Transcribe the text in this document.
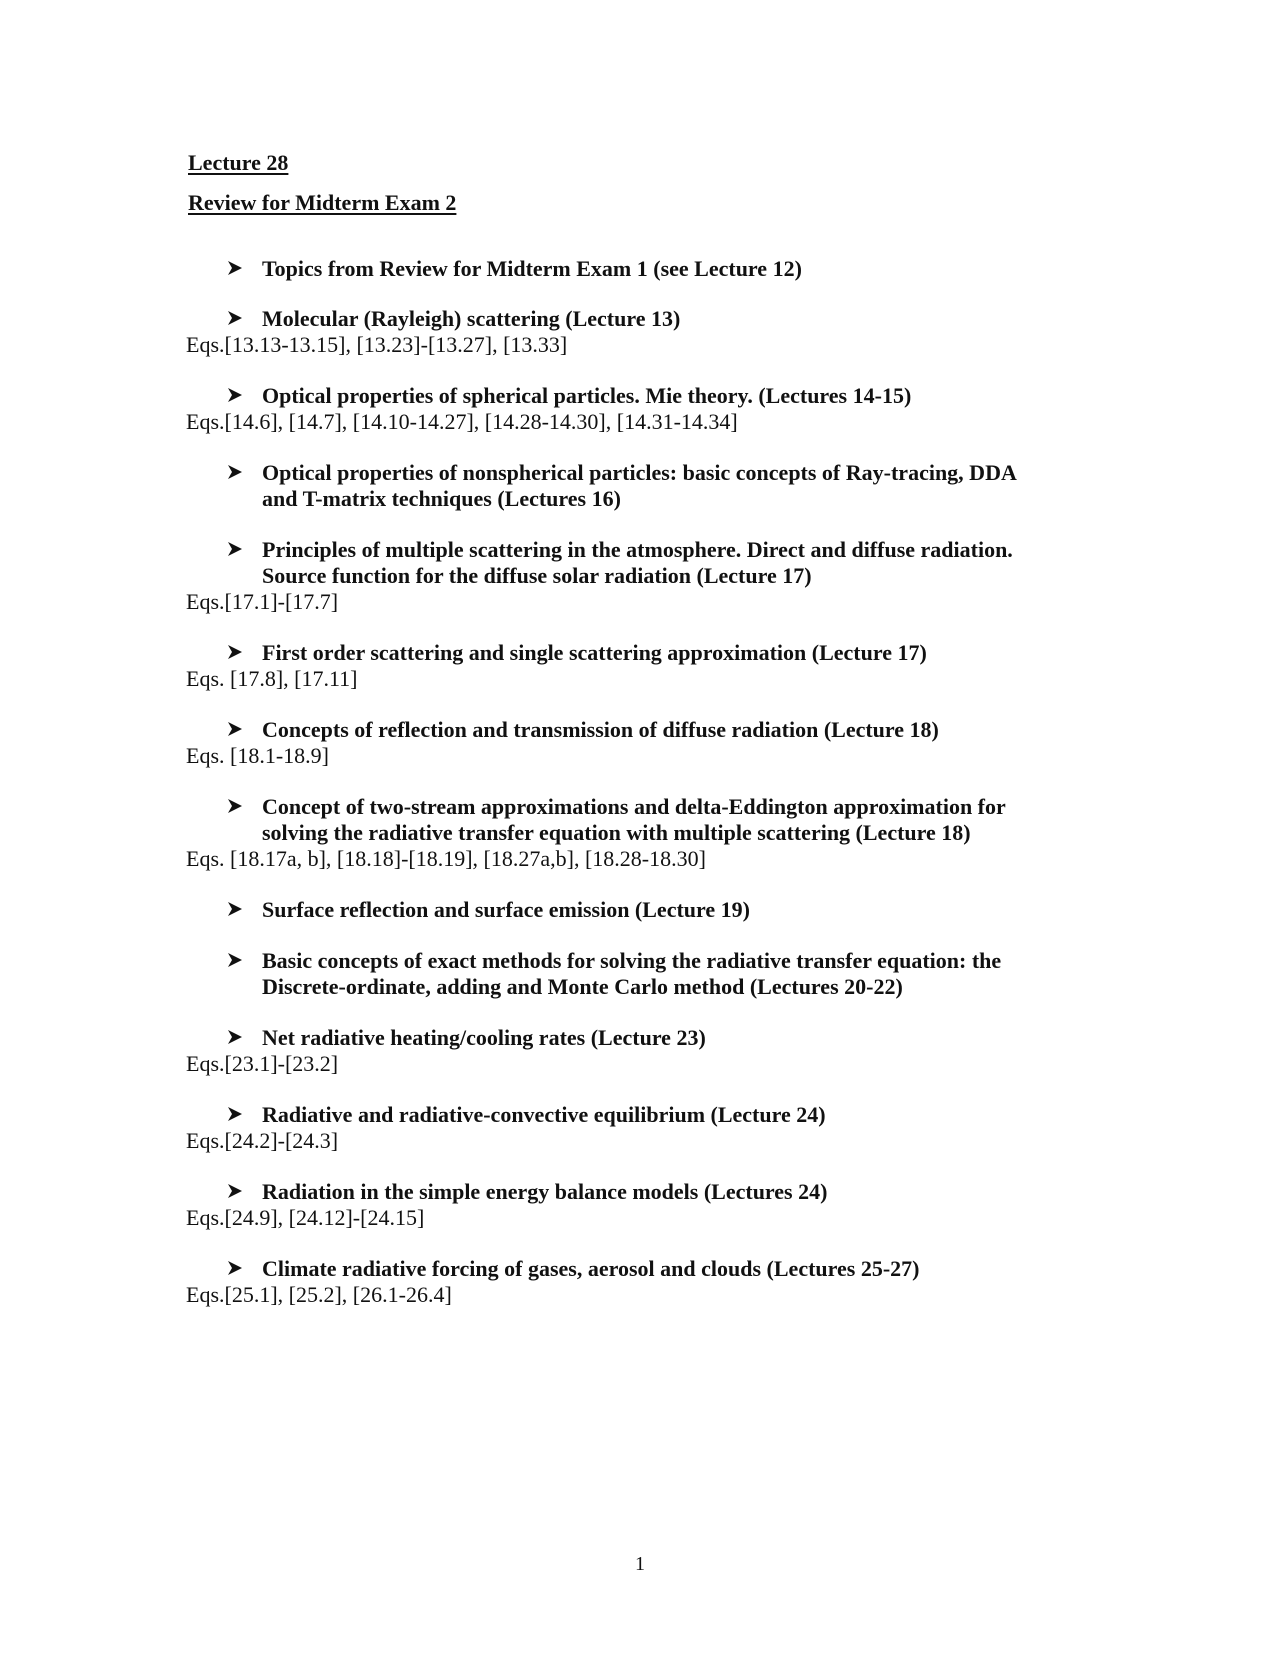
Lecture 28
Review for Midterm Exam 2
Topics from Review for Midterm Exam 1 (see Lecture 12)
Molecular (Rayleigh) scattering (Lecture 13)
Eqs.[13.13-13.15], [13.23]-[13.27], [13.33]
Optical properties of spherical particles. Mie theory. (Lectures 14-15)
Eqs.[14.6], [14.7], [14.10-14.27], [14.28-14.30], [14.31-14.34]
Optical properties of nonspherical particles: basic concepts of Ray-tracing, DDA
and T-matrix techniques (Lectures 16)
Principles of multiple scattering in the atmosphere. Direct and diffuse radiation.
Source function for the diffuse solar radiation (Lecture 17)
Eqs.[17.1]-[17.7]
First order scattering and single scattering approximation (Lecture 17)
Eqs. [17.8], [17.11]
Concepts of reflection and transmission of diffuse radiation (Lecture 18)
Eqs. [18.1-18.9]
Concept of two-stream approximations and delta-Eddington approximation for
solving the radiative transfer equation with multiple scattering (Lecture 18)
Eqs. [18.17a, b], [18.18]-[18.19], [18.27a,b], [18.28-18.30]
Surface reflection and surface emission (Lecture 19)
Basic concepts of exact methods for solving the radiative transfer equation: the
Discrete-ordinate, adding and Monte Carlo method (Lectures 20-22)
Net radiative heating/cooling rates (Lecture 23)
Eqs.[23.1]-[23.2]
Radiative and radiative-convective equilibrium (Lecture 24)
Eqs.[24.2]-[24.3]
Radiation in the simple energy balance models (Lectures 24)
Eqs.[24.9], [24.12]-[24.15]
Climate radiative forcing of gases, aerosol and clouds (Lectures 25-27)
Eqs.[25.1], [25.2], [26.1-26.4]
1
